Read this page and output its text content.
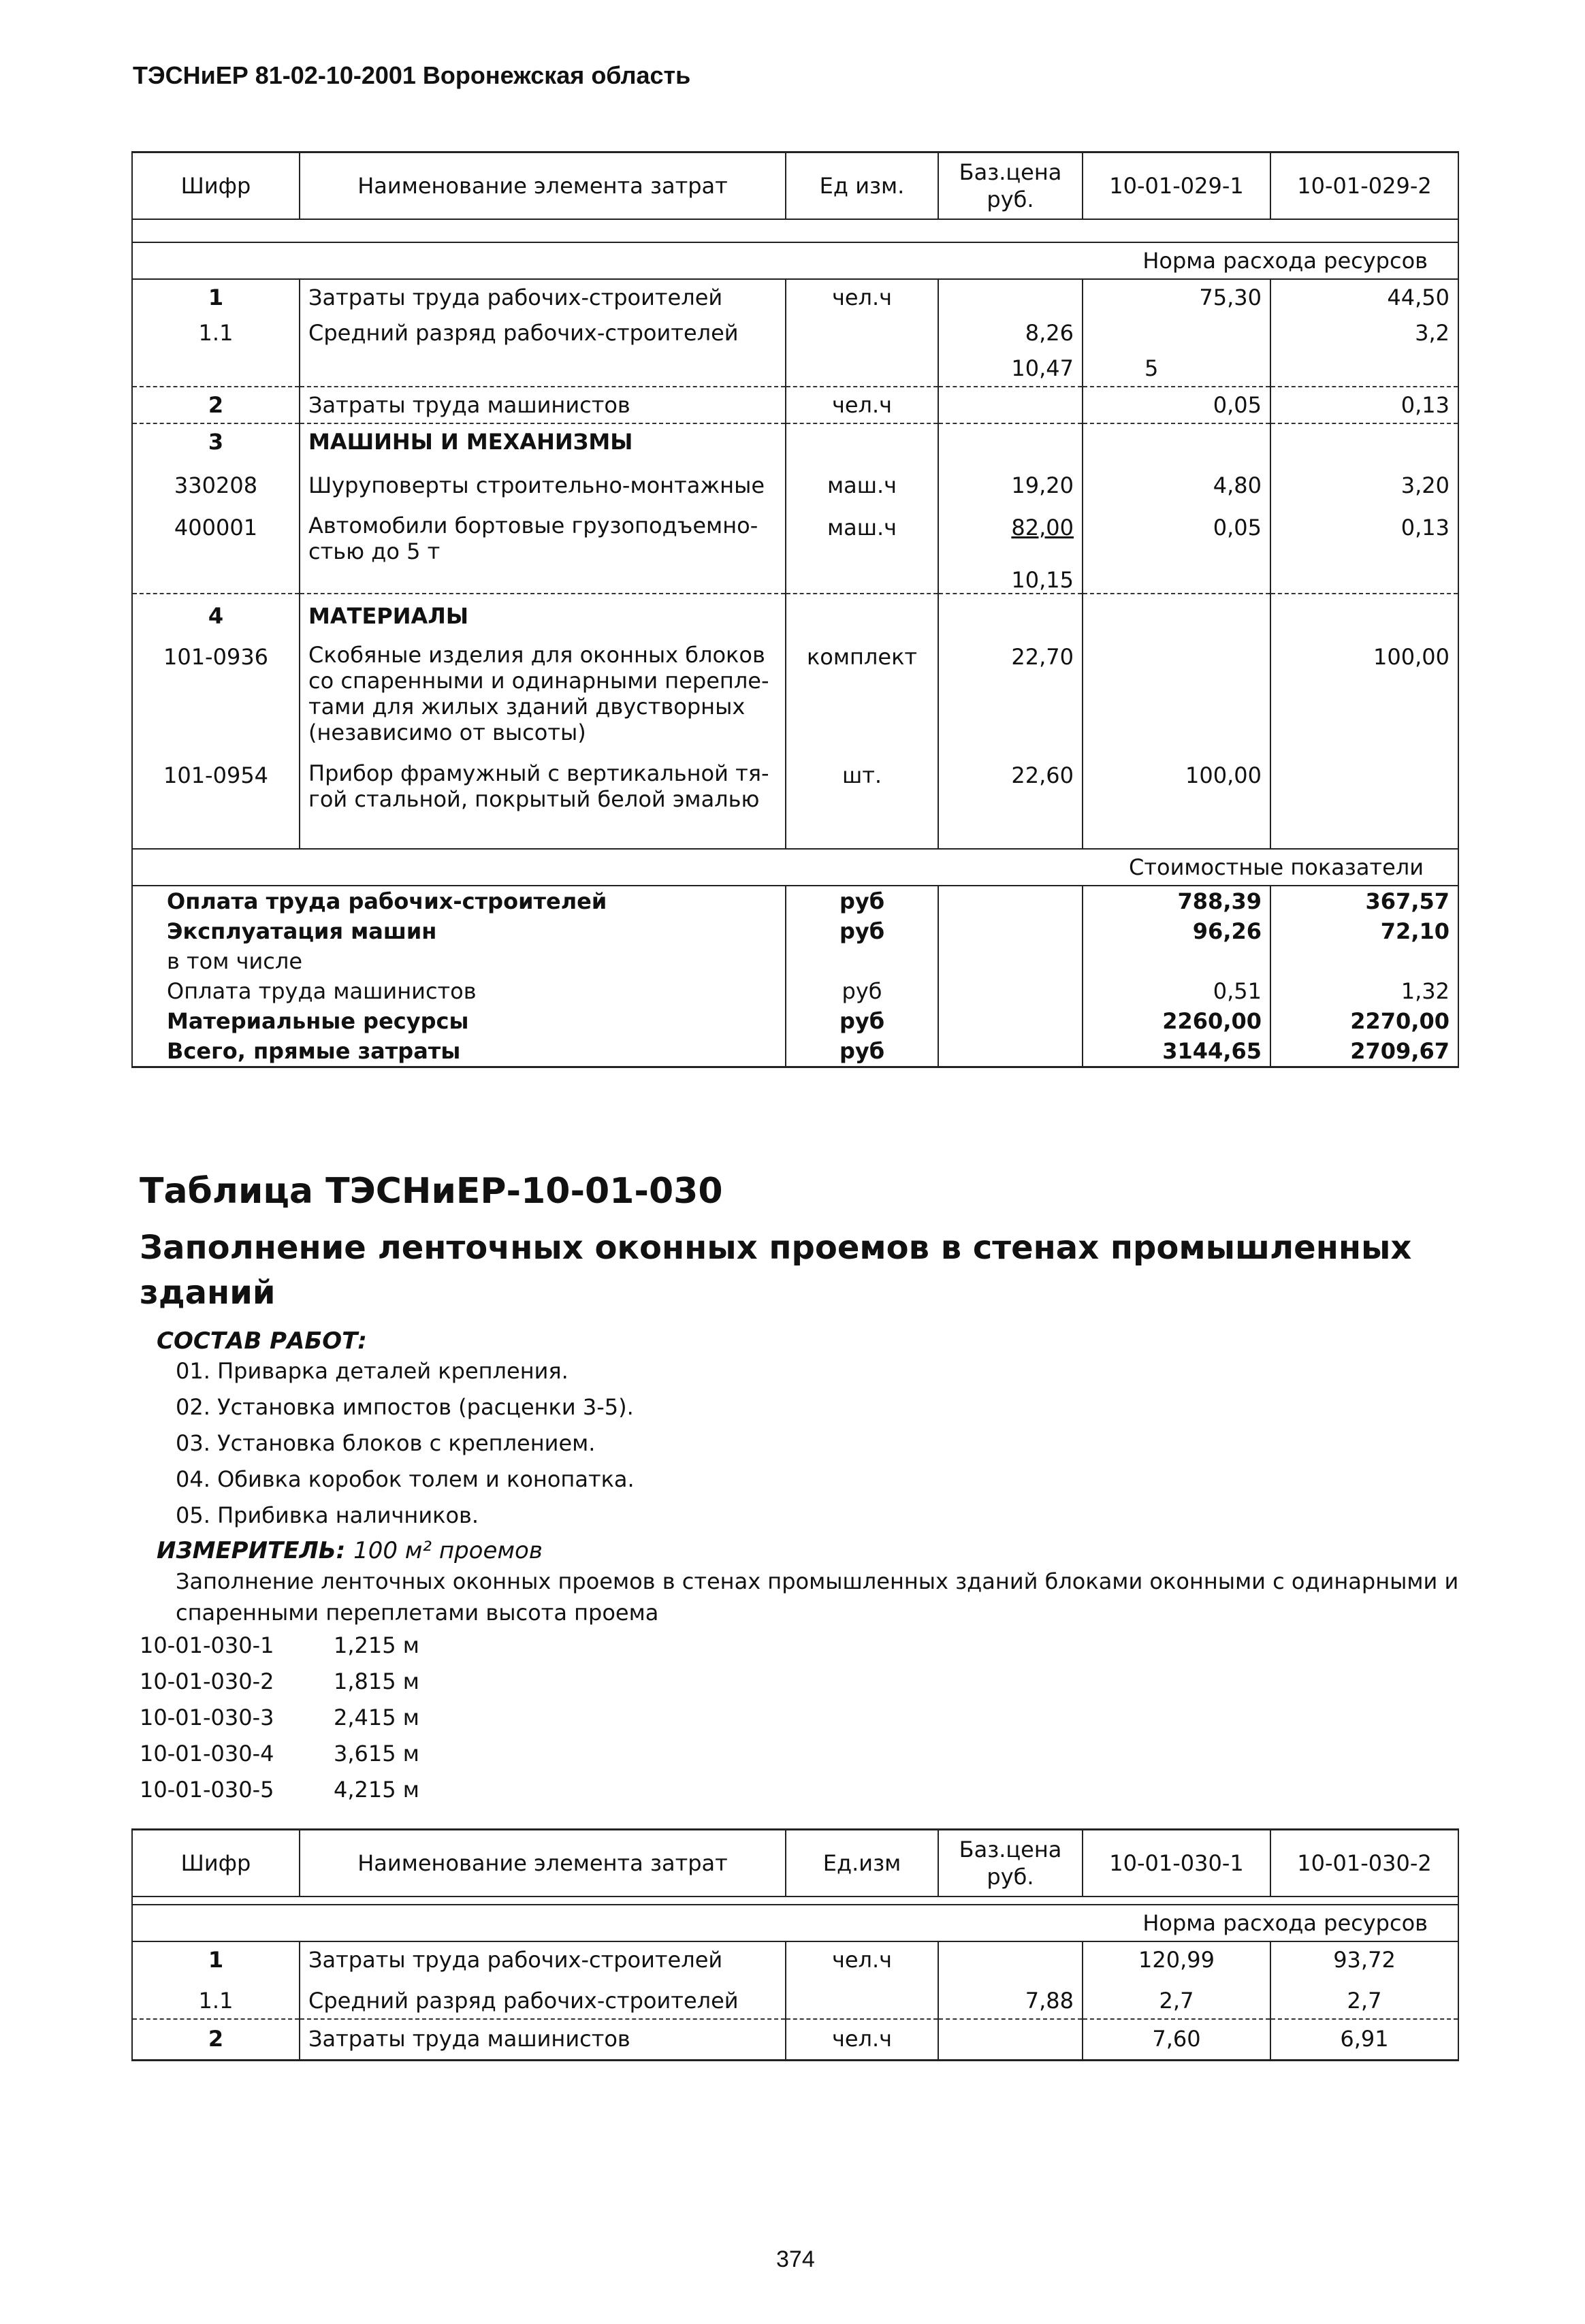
ТЭСНиЕР 81-02-10-2001 Воронежская область
Шифр	Наименование элемента затрат	Ед изм.	Баз.цена руб.	10-01-029-1	10-01-029-2

Норма расхода ресурсов					
1	Затраты труда рабочих-строителей	чел.ч		75,30	44,50
1.1	Средний разряд рабочих-строителей		8,26		3,2
			10,47	5	
2	Затраты труда машинистов	чел.ч		0,05	0,13
3	МАШИНЫ И МЕХАНИЗМЫ				
330208	Шуруповерты строительно-монтажные	маш.ч	19,20	4,80	3,20
400001	Автомобили бортовые грузоподъемно-стью до 5 т	маш.ч	82,00	0,05	0,13
			10,15		
4	МАТЕРИАЛЫ				
101-0936	Скобяные изделия для оконных блоков со спаренными и одинарными перепле-тами для жилых зданий двустворных (независимо от высоты)	комплект	22,70		100,00
101-0954	Прибор фрамужный с вертикальной тя-гой стальной, покрытый белой эмалью	шт.	22,60	100,00	

Стоимостные показатели					
Оплата труда рабочих-строителей		руб		788,39	367,57
Эксплуатация машин		руб		96,26	72,10
в том числе					
Оплата труда машинистов		руб		0,51	1,32
Материальные ресурсы		руб		2260,00	2270,00
Всего, прямые затраты		руб		3144,65	2709,67
Таблица ТЭСНиЕР-10-01-030
Заполнение ленточных оконных проемов в стенах промышленных зданий
СОСТАВ РАБОТ:
01. Приварка деталей крепления.
02. Установка импостов (расценки 3-5).
03. Установка блоков с креплением.
04. Обивка коробок толем и конопатка.
05. Прибивка наличников.
ИЗМЕРИТЕЛЬ: 100 м² проемов
Заполнение ленточных оконных проемов в стенах промышленных зданий блоками оконными с одинарными и спаренными переплетами высота проема
10-01-030-1	1,215 м
10-01-030-2	1,815 м
10-01-030-3	2,415 м
10-01-030-4	3,615 м
10-01-030-5	4,215 м
Шифр	Наименование элемента затрат	Ед.изм	Баз.цена руб.	10-01-030-1	10-01-030-2

Норма расхода ресурсов					
1	Затраты труда рабочих-строителей	чел.ч		120,99	93,72
1.1	Средний разряд рабочих-строителей		7,88	2,7	2,7
2	Затраты труда машинистов	чел.ч		7,60	6,91
374
